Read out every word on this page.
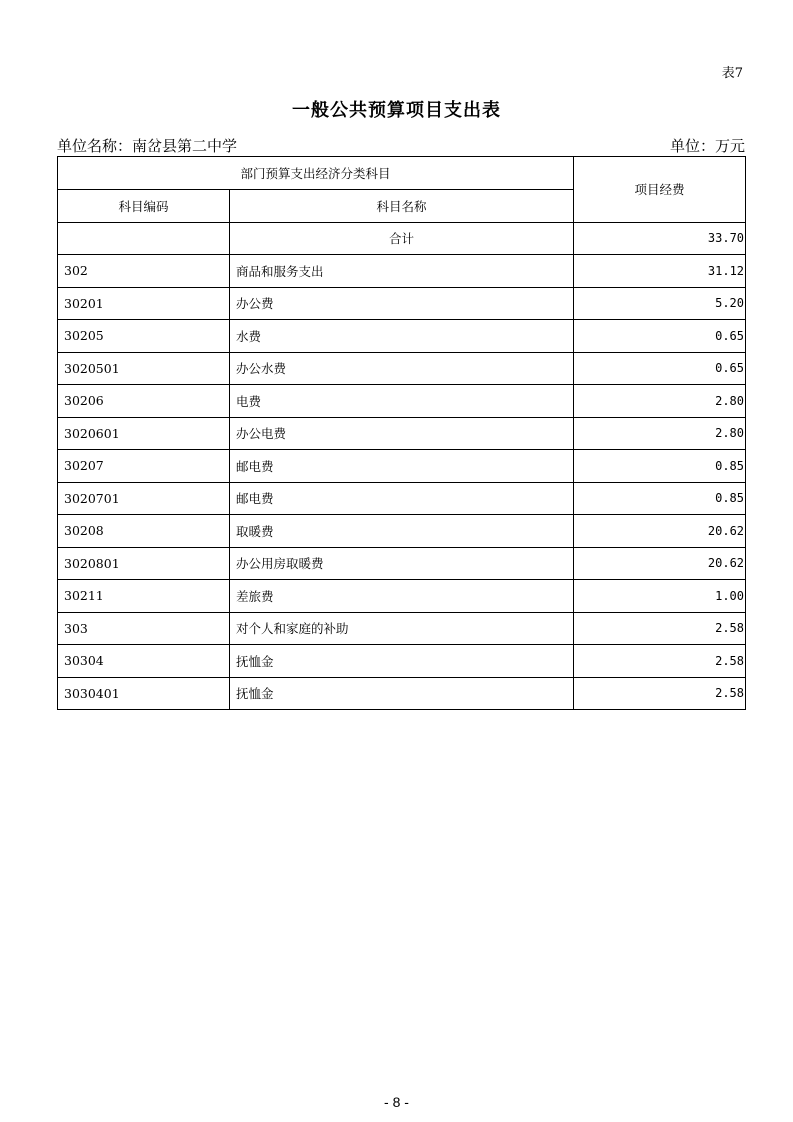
表7
一般公共预算项目支出表
单位名称：南岔县第二中学	单位：万元
部门预算支出经济分类科目		项目经费
科目编码	科目名称	
	合计	33.70
302	商品和服务支出	31.12
30201	办公费	5.20
30205	水费	0.65
3020501	办公水费	0.65
30206	电费	2.80
3020601	办公电费	2.80
30207	邮电费	0.85
3020701	邮电费	0.85
30208	取暖费	20.62
3020801	办公用房取暖费	20.62
30211	差旅费	1.00
303	对个人和家庭的补助	2.58
30304	抚恤金	2.58
3030401	抚恤金	2.58
- 8 -
